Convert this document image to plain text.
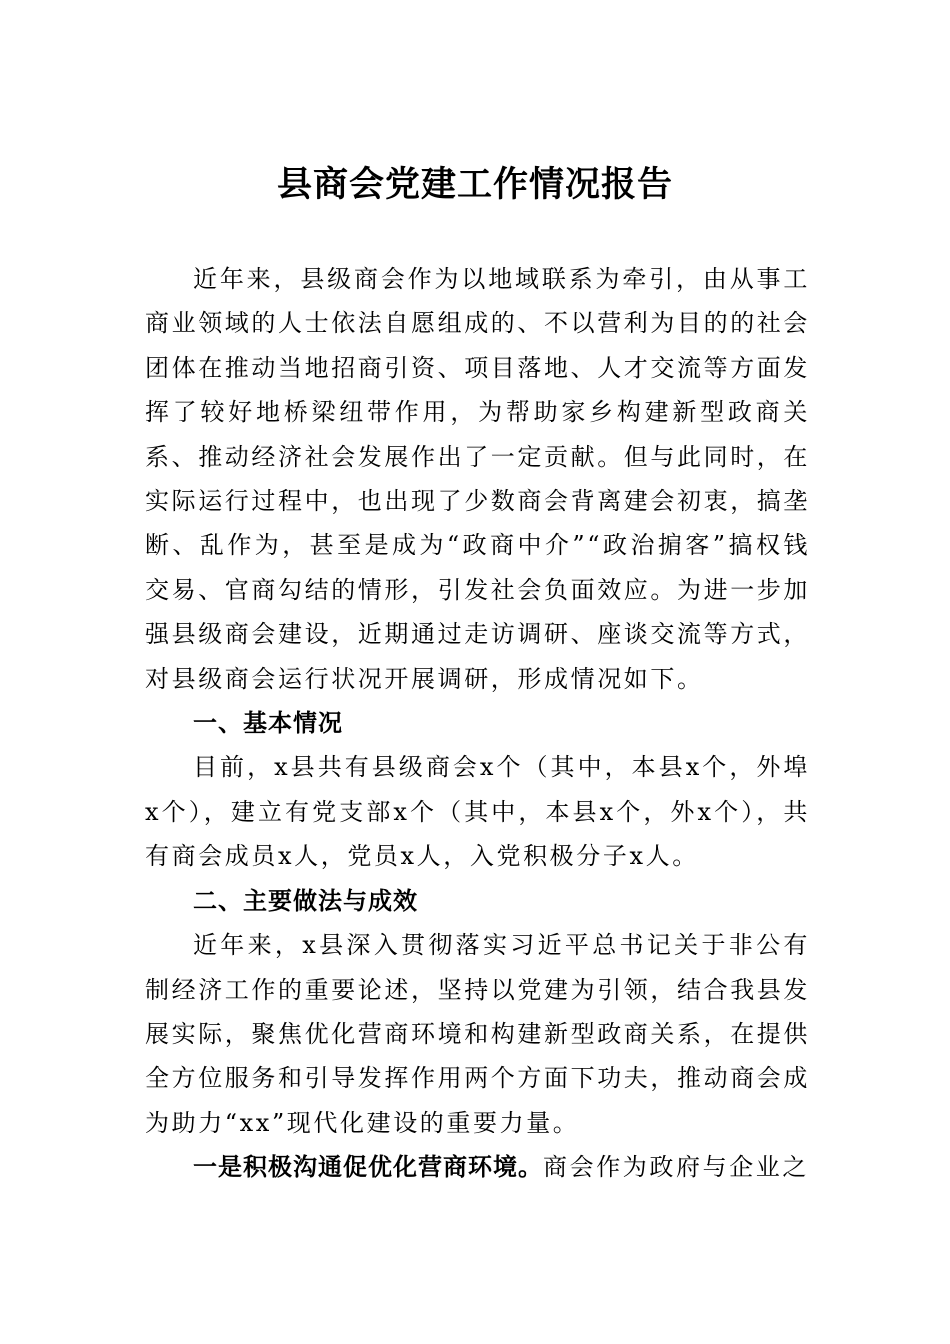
县商会党建工作情况报告

近年来，县级商会作为以地域联系为牵引，由从事工商业领域的人士依法自愿组成的、不以营利为目的的社会团体在推动当地招商引资、项目落地、人才交流等方面发挥了较好地桥梁纽带作用，为帮助家乡构建新型政商关系、推动经济社会发展作出了一定贡献。但与此同时，在实际运行过程中，也出现了少数商会背离建会初衷，搞垄断、乱作为，甚至是成为“政商中介”“政治掮客”搞权钱交易、官商勾结的情形，引发社会负面效应。为进一步加强县级商会建设，近期通过走访调研、座谈交流等方式，对县级商会运行状况开展调研，形成情况如下。

一、基本情况

目前，x县共有县级商会x个（其中，本县x个，外埠x个），建立有党支部x个（其中，本县x个，外x个），共有商会成员x人，党员x人，入党积极分子x人。

二、主要做法与成效

近年来，x县深入贯彻落实习近平总书记关于非公有制经济工作的重要论述，坚持以党建为引领，结合我县发展实际，聚焦优化营商环境和构建新型政商关系，在提供全方位服务和引导发挥作用两个方面下功夫，推动商会成为助力“xx”现代化建设的重要力量。

一是积极沟通促优化营商环境。商会作为政府与企业之
